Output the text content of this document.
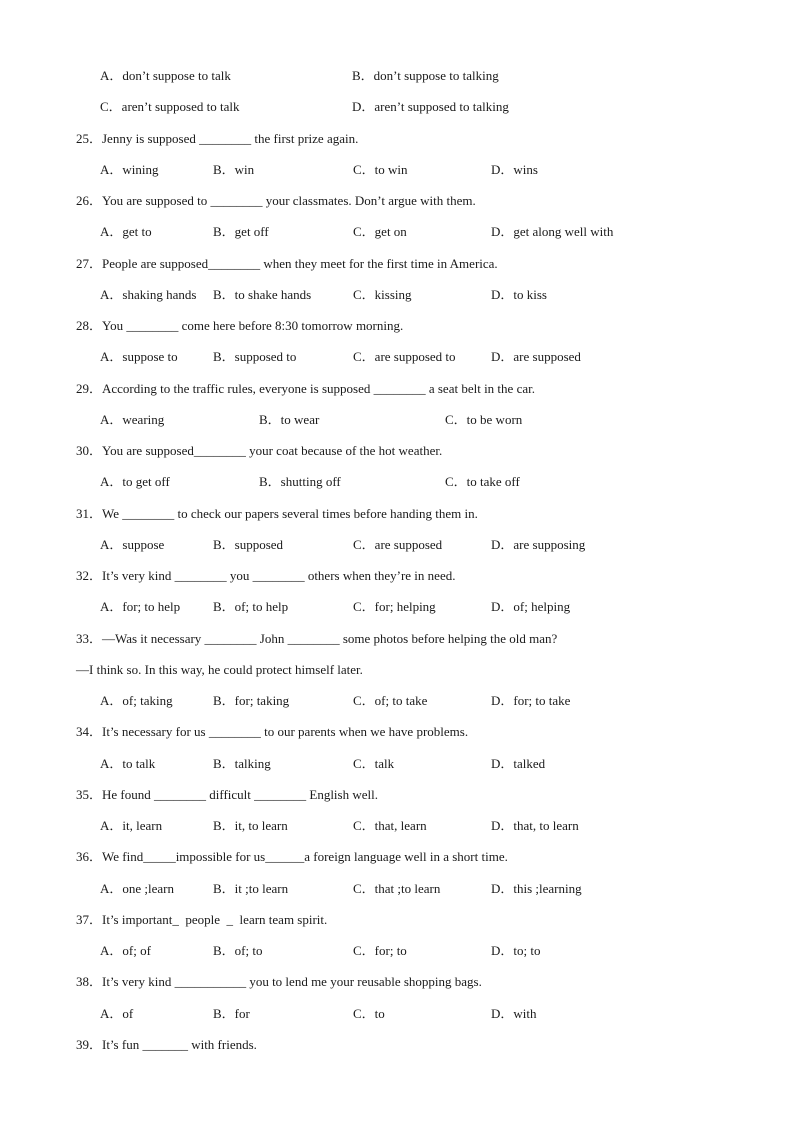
A．don’t suppose to talk	B．don’t suppose to talking
C．aren’t supposed to talk	D．aren’t supposed to talking
25．Jenny is supposed ________ the first prize again.
A．wining	B．win	C．to win	D．wins
26．You are supposed to ________ your classmates. Don’t argue with them.
A．get to	B．get off	C．get on	D．get along well with
27．People are supposed________ when they meet for the first time in America.
A．shaking hands B．to shake hands	C．kissing	D．to kiss
28．You ________ come here before 8:30 tomorrow morning.
A．suppose to	B．supposed to	C．are supposed to	D．are supposed
29．According to the traffic rules, everyone is supposed ________ a seat belt in the car.
A．wearing	B．to wear	C．to be worn
30．You are supposed________ your coat because of the hot weather.
A．to get off	B．shutting off	C．to take off
31．We ________ to check our papers several times before handing them in.
A．suppose	B．supposed	C．are supposed	D．are supposing
32．It’s very kind ________ you ________ others when they’re in need.
A．for; to help	B．of; to help	C．for; helping	D．of; helping
33．—Was it necessary ________ John ________ some photos before helping the old man?
—I think so. In this way, he could protect himself later.
A．of; taking	B．for; taking	C．of; to take	D．for; to take
34．It’s necessary for us ________ to our parents when we have problems.
A．to talk	B．talking	C．talk	D．talked
35．He found ________ difficult ________ English well.
A．it, learn	B．it, to learn	C．that, learn	D．that, to learn
36．We find_____impossible for us______a foreign language well in a short time.
A．one ;learn	B．it ;to learn	C．that ;to learn	D．this ;learning
37．It’s important_  people  _  learn team spirit.
A．of; of	B．of; to	C．for; to	D．to; to
38．It’s very kind ___________ you to lend me your reusable shopping bags.
A．of	B．for	C．to	D．with
39．It’s fun _______ with friends.
